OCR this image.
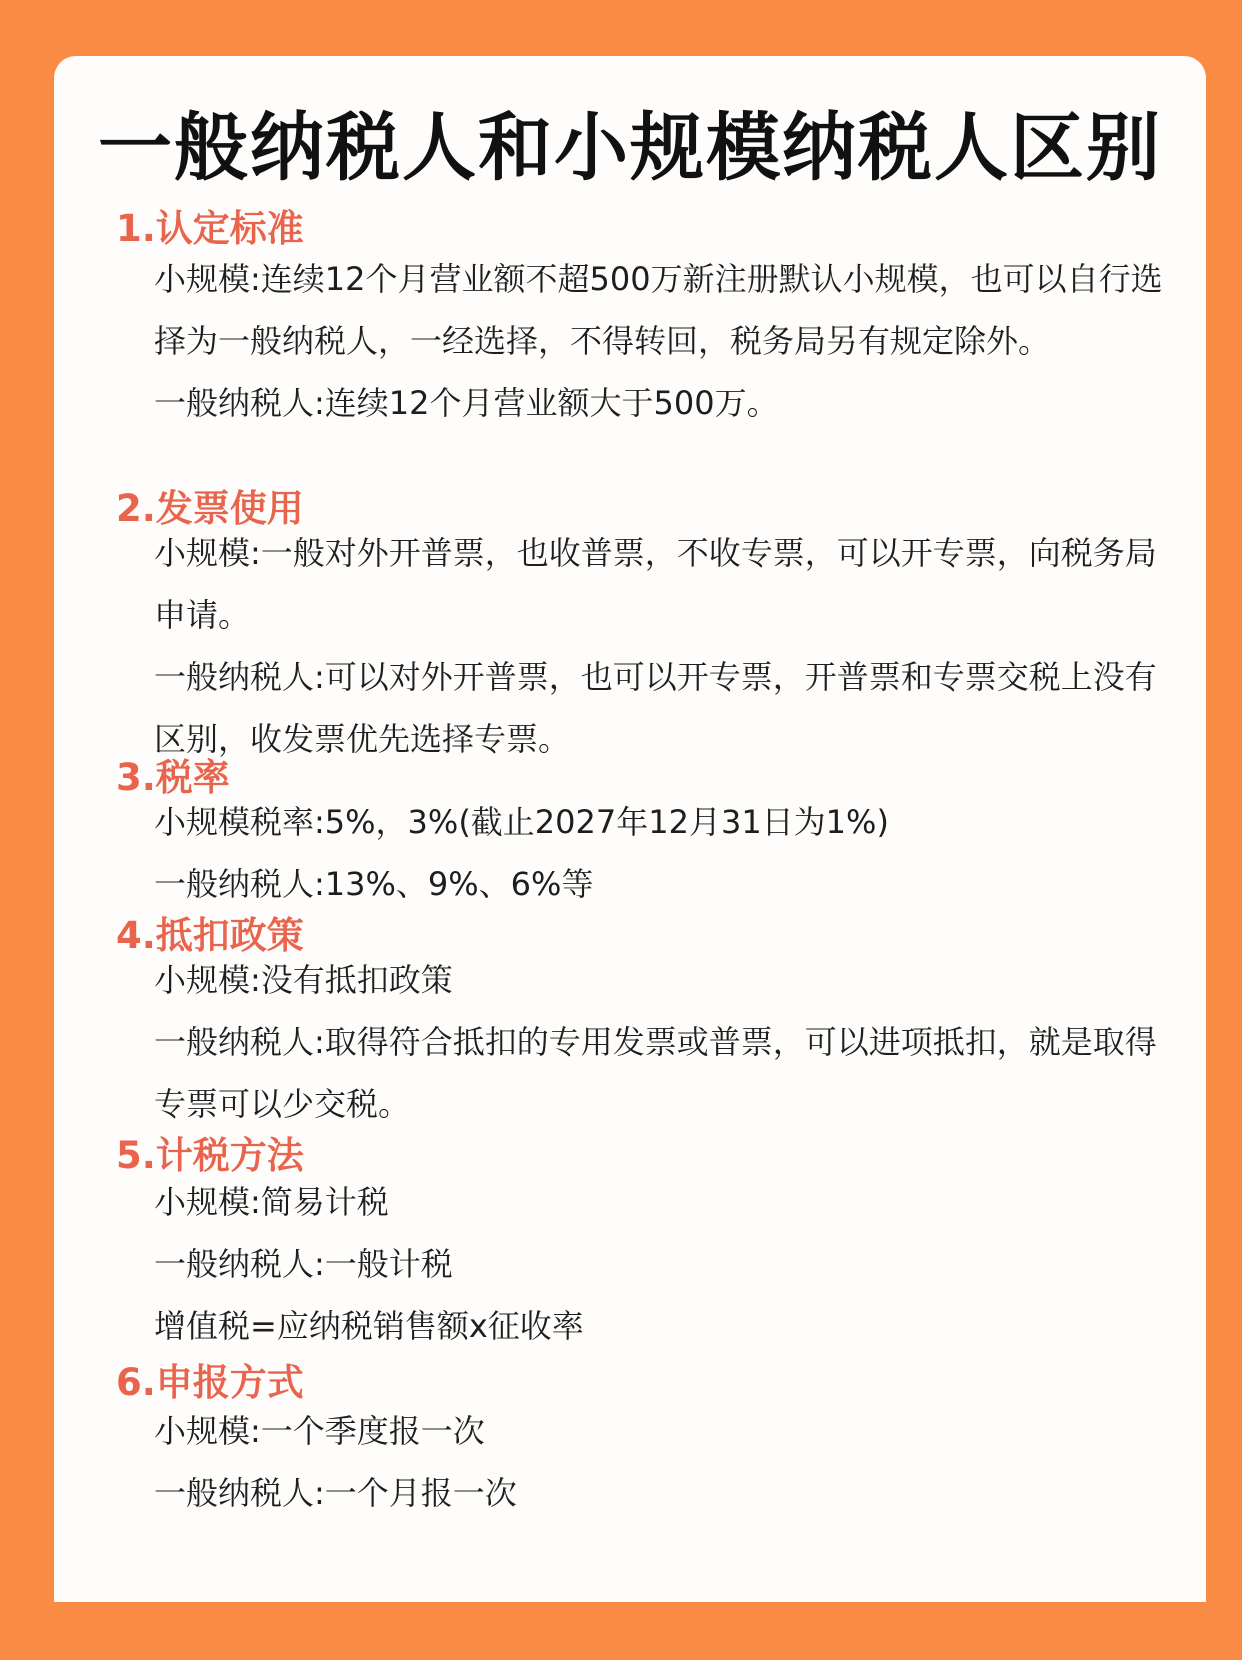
一般纳税人和小规模纳税人区别
1.认定标准

小规模:连续12个月营业额不超500万新注册默认小规模，也可以自行选择为一般纳税人，一经选择，不得转回，税务局另有规定除外。

一般纳税人:连续12个月营业额大于500万。

2.发票使用

小规模:一般对外开普票，也收普票，不收专票，可以开专票，向税务局申请。

一般纳税人:可以对外开普票，也可以开专票，开普票和专票交税上没有区别，收发票优先选择专票。

3.税率

小规模税率:5%，3%(截止2027年12月31日为1%)

一般纳税人:13%、9%、6%等

4.抵扣政策

小规模:没有抵扣政策

一般纳税人:取得符合抵扣的专用发票或普票，可以进项抵扣，就是取得专票可以少交税。

5.计税方法

小规模:简易计税

一般纳税人:一般计税

增值税=应纳税销售额x征收率

6.申报方式

小规模:一个季度报一次

一般纳税人:一个月报一次
